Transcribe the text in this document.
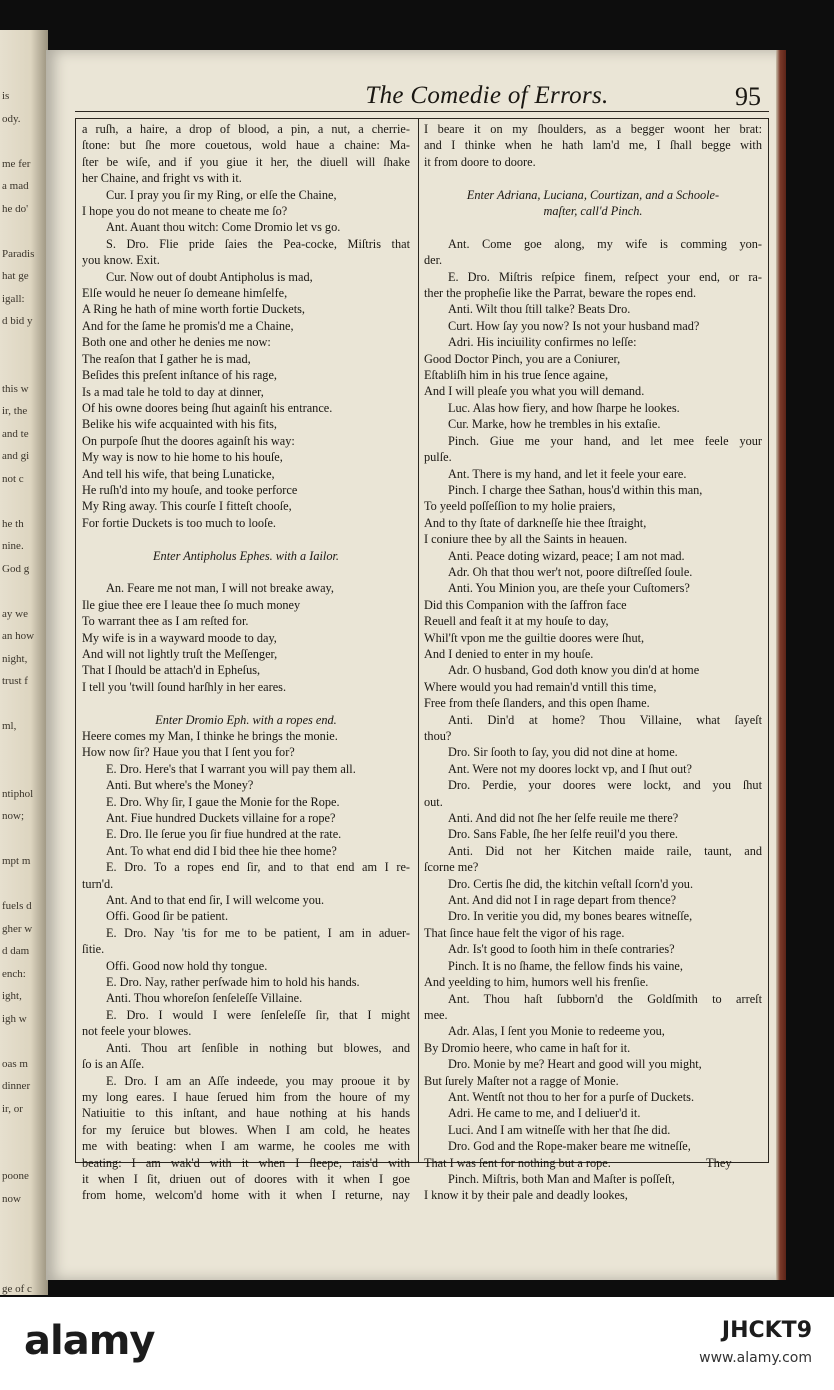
is
ody.
me fer
a mad
he do'
Paradis
hat ge
igall:
d bid y
this w
ir, the
and te
and gi
not c
he th
nine.
God g
ay we
an how
night,
trust f
ml,
ntiphol
now;
mpt m
fuels d
gher w
d dam
ench:
ight,
igh w
oas m
dinner
ir, or
poone
now
ge of c
The Comedie of Errors.	95
a ruſh, a haire, a drop of blood, a pin, a nut, a cherrie-
ſtone: but ſhe more couetous, wold haue a chaine: Ma-
ſter be wiſe, and if you giue it her, the diuell will ſhake
her Chaine, and fright vs with it.
Cur. I pray you ſir my Ring, or elſe the Chaine,
I hope you do not meane to cheate me ſo?
Ant. Auant thou witch: Come Dromio let vs go.
S. Dro. Flie pride ſaies the Pea-cocke, Miſtris that
you know. Exit.
Cur. Now out of doubt Antipholus is mad,
Elſe would he neuer ſo demeane himſelfe,
A Ring he hath of mine worth fortie Duckets,
And for the ſame he promis'd me a Chaine,
Both one and other he denies me now:
The reaſon that I gather he is mad,
Beſides this preſent inſtance of his rage,
Is a mad tale he told to day at dinner,
Of his owne doores being ſhut againſt his entrance.
Belike his wife acquainted with his fits,
On purpoſe ſhut the doores againſt his way:
My way is now to hie home to his houſe,
And tell his wife, that being Lunaticke,
He ruſh'd into my houſe, and tooke perforce
My Ring away. This courſe I fitteſt chooſe,
For fortie Duckets is too much to looſe.
Enter Antipholus Ephes. with a Iailor.
An. Feare me not man, I will not breake away,
Ile giue thee ere I leaue thee ſo much money
To warrant thee as I am reſted for.
My wife is in a wayward moode to day,
And will not lightly truſt the Meſſenger,
That I ſhould be attach'd in Epheſus,
I tell you 'twill ſound harſhly in her eares.
Enter Dromio Eph. with a ropes end.
Heere comes my Man, I thinke he brings the monie.
How now ſir? Haue you that I ſent you for?
E. Dro. Here's that I warrant you will pay them all.
Anti. But where's the Money?
E. Dro. Why ſir, I gaue the Monie for the Rope.
Ant. Fiue hundred Duckets villaine for a rope?
E. Dro. Ile ſerue you ſir fiue hundred at the rate.
Ant. To what end did I bid thee hie thee home?
E. Dro. To a ropes end ſir, and to that end am I re-
turn'd.
Ant. And to that end ſir, I will welcome you.
Offi. Good ſir be patient.
E. Dro. Nay 'tis for me to be patient, I am in aduer-
ſitie.
Offi. Good now hold thy tongue.
E. Dro. Nay, rather perſwade him to hold his hands.
Anti. Thou whoreſon ſenſeleſſe Villaine.
E. Dro. I would I were ſenſeleſſe ſir, that I might
not feele your blowes.
Anti. Thou art ſenſible in nothing but blowes, and
ſo is an Aſſe.
E. Dro. I am an Aſſe indeede, you may prooue it by
my long eares. I haue ſerued him from the houre of my
Natiuitie to this inſtant, and haue nothing at his hands
for my ſeruice but blowes. When I am cold, he heates
me with beating: when I am warme, he cooles me with
beating: I am wak'd with it when I ſleepe, rais'd with
it when I ſit, driuen out of doores with it when I goe
from home, welcom'd home with it when I returne, nay
I beare it on my ſhoulders, as a begger woont her brat:
and I thinke when he hath lam'd me, I ſhall begge with
it from doore to doore.
Enter Adriana, Luciana, Courtizan, and a Schoole-
maſter, call'd Pinch.
Ant. Come goe along, my wife is comming yon-
der.
E. Dro. Miſtris reſpice finem, reſpect your end, or ra-
ther the propheſie like the Parrat, beware the ropes end.
Anti. Wilt thou ſtill talke? Beats Dro.
Curt. How ſay you now? Is not your husband mad?
Adri. His inciuility confirmes no leſſe:
Good Doctor Pinch, you are a Coniurer,
Eſtabliſh him in his true ſence againe,
And I will pleaſe you what you will demand.
Luc. Alas how fiery, and how ſharpe he lookes.
Cur. Marke, how he trembles in his extaſie.
Pinch. Giue me your hand, and let mee feele your
pulſe.
Ant. There is my hand, and let it feele your eare.
Pinch. I charge thee Sathan, hous'd within this man,
To yeeld poſſeſſion to my holie praiers,
And to thy ſtate of darkneſſe hie thee ſtraight,
I coniure thee by all the Saints in heauen.
Anti. Peace doting wizard, peace; I am not mad.
Adr. Oh that thou wer't not, poore diſtreſſed ſoule.
Anti. You Minion you, are theſe your Cuſtomers?
Did this Companion with the ſaffron face
Reuell and feaſt it at my houſe to day,
Whil'ſt vpon me the guiltie doores were ſhut,
And I denied to enter in my houſe.
Adr. O husband, God doth know you din'd at home
Where would you had remain'd vntill this time,
Free from theſe ſlanders, and this open ſhame.
Anti. Din'd at home? Thou Villaine, what ſayeſt
thou?
Dro. Sir ſooth to ſay, you did not dine at home.
Ant. Were not my doores lockt vp, and I ſhut out?
Dro. Perdie, your doores were lockt, and you ſhut
out.
Anti. And did not ſhe her ſelfe reuile me there?
Dro. Sans Fable, ſhe her ſelfe reuil'd you there.
Anti. Did not her Kitchen maide raile, taunt, and
ſcorne me?
Dro. Certis ſhe did, the kitchin veſtall ſcorn'd you.
Ant. And did not I in rage depart from thence?
Dro. In veritie you did, my bones beares witneſſe,
That ſince haue felt the vigor of his rage.
Adr. Is't good to ſooth him in theſe contraries?
Pinch. It is no ſhame, the fellow finds his vaine,
And yeelding to him, humors well his frenſie.
Ant. Thou haſt ſubborn'd the Goldſmith to arreſt
mee.
Adr. Alas, I ſent you Monie to redeeme you,
By Dromio heere, who came in haſt for it.
Dro. Monie by me? Heart and good will you might,
But ſurely Maſter not a ragge of Monie.
Ant. Wentſt not thou to her for a purſe of Duckets.
Adri. He came to me, and I deliuer'd it.
Luci. And I am witneſſe with her that ſhe did.
Dro. God and the Rope-maker beare me witneſſe,
That I was ſent for nothing but a rope.
Pinch. Miſtris, both Man and Maſter is poſſeſt,
I know it by their pale and deadly lookes,
They
alamy	JHCKT9
www.alamy.com
